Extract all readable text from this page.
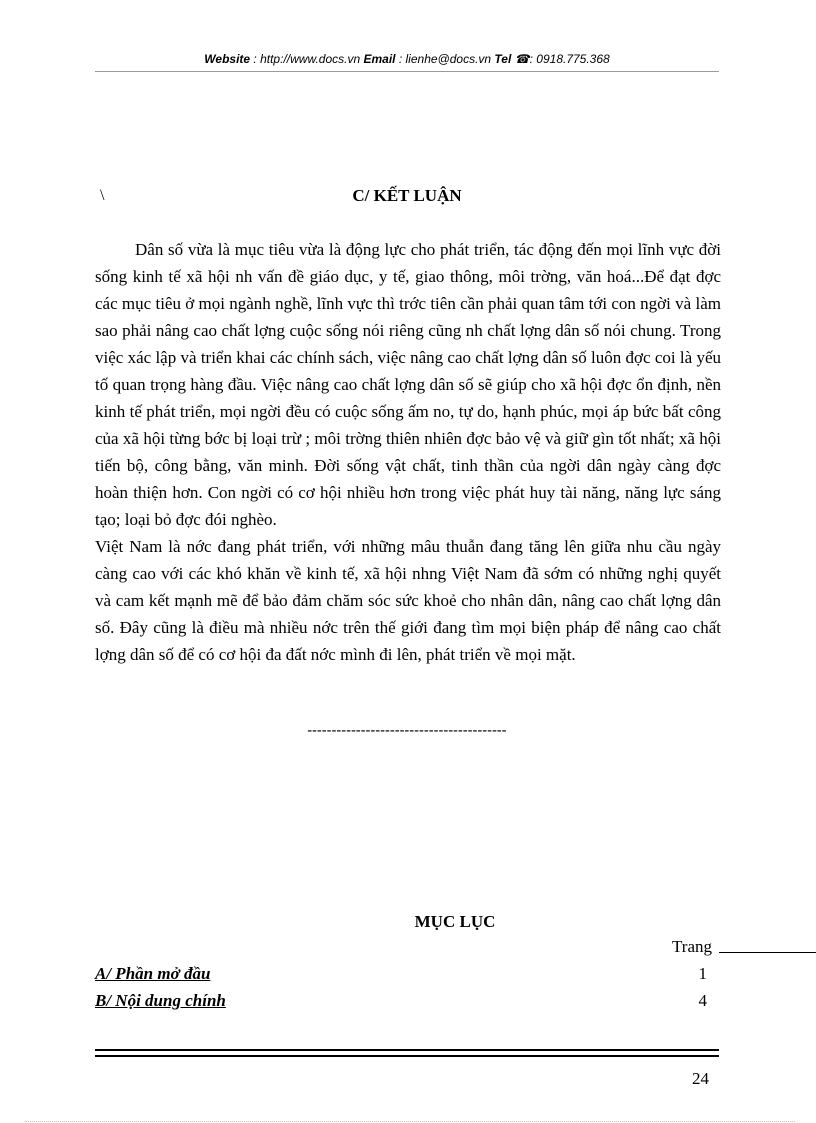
Website : http://www.docs.vn Email : lienhe@docs.vn Tel ☎: 0918.775.368
\	C/ KẾT LUẬN

Dân số vừa là mục tiêu vừa là động lực cho phát triển, tác động đến mọi lĩnh vực đời sống kinh tế xã hội nh vấn đề giáo dục, y tế, giao thông, môi trờng, văn hoá...Để đạt đợc các mục tiêu ở mọi ngành nghề, lĩnh vực thì trớc tiên cần phải quan tâm tới con ngời và làm sao phải nâng cao chất lợng cuộc sống nói riêng cũng nh chất lợng dân số nói chung. Trong việc xác lập và triển khai các chính sách, việc nâng cao chất lợng dân số luôn đợc coi là yếu tố quan trọng hàng đầu. Việc nâng cao chất lợng dân số sẽ giúp cho xã hội đợc ổn định, nền kinh tế phát triển, mọi ngời đều có cuộc sống ấm no, tự do, hạnh phúc, mọi áp bức bất công của xã hội từng bớc bị loại trừ ; môi trờng thiên nhiên đợc bảo vệ và giữ gìn tốt nhất; xã hội tiến bộ, công bằng, văn minh. Đời sống vật chất, tinh thần của ngời dân ngày càng đợc hoàn thiện hơn. Con ngời có cơ hội nhiều hơn trong việc phát huy tài năng, năng lực sáng tạo; loại bỏ đợc đói nghèo.

Việt Nam là nớc đang phát triển, với những mâu thuẫn đang tăng lên giữa nhu cầu ngày càng cao với các khó khăn về kinh tế, xã hội nhng Việt Nam đã sớm có những nghị quyết và cam kết mạnh mẽ để bảo đảm chăm sóc sức khoẻ cho nhân dân, nâng cao chất lợng dân số. Đây cũng là điều mà nhiều nớc trên thế giới đang tìm mọi biện pháp để nâng cao chất lợng dân số để có cơ hội đa đất nớc mình đi lên, phát triển về mọi mặt.

-----------------------------------------
MỤC LỤC
Trang
A/ Phần mở đầu	1
B/ Nội dung chính	4
24
